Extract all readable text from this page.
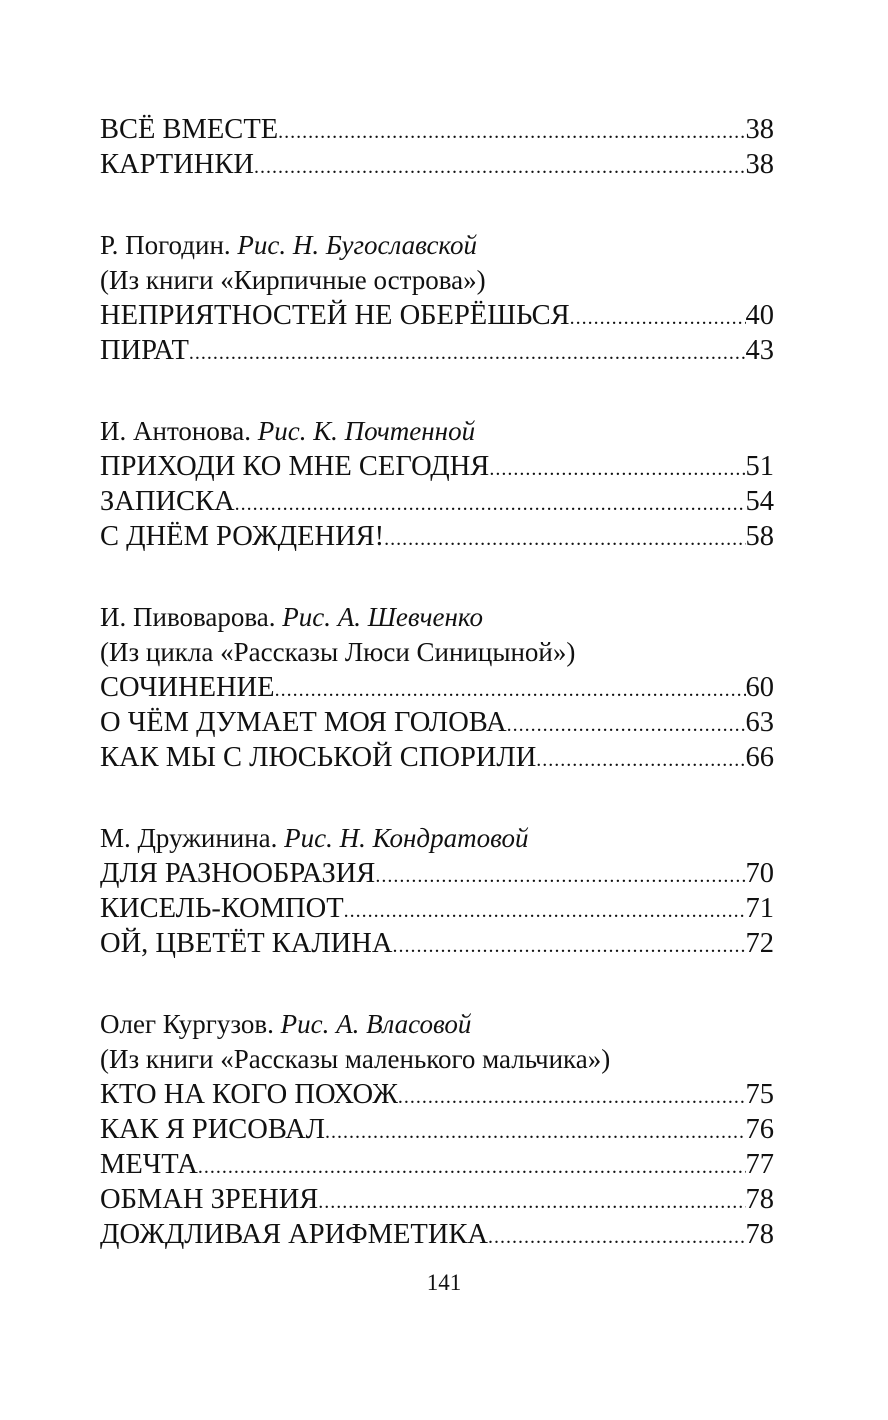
ВСЁ ВМЕСТЕ .....	38
КАРТИНКИ .....	38
Р. Погодин. Рис. Н. Бугославской
(Из книги «Кирпичные острова»)
НЕПРИЯТНОСТЕЙ НЕ ОБЕРЁШЬСЯ .....	40
ПИРАТ .....	43
И. Антонова. Рис. К. Почтенной
ПРИХОДИ КО МНЕ СЕГОДНЯ .....	51
ЗАПИСКА .....	54
С ДНЁМ РОЖДЕНИЯ! .....	58
И. Пивоварова. Рис. А. Шевченко
(Из цикла «Рассказы Люси Синицыной»)
СОЧИНЕНИЕ .....	60
О ЧЁМ ДУМАЕТ МОЯ ГОЛОВА .....	63
КАК МЫ С ЛЮСЬКОЙ СПОРИЛИ .....	66
М. Дружинина. Рис. Н. Кондратовой
ДЛЯ РАЗНООБРАЗИЯ .....	70
КИСЕЛЬ-КОМПОТ .....	71
ОЙ, ЦВЕТЁТ КАЛИНА .....	72
Олег Кургузов. Рис. А. Власовой
(Из книги «Рассказы маленького мальчика»)
КТО НА КОГО ПОХОЖ .....	75
КАК Я РИСОВАЛ .....	76
МЕЧТА .....	77
ОБМАН ЗРЕНИЯ .....	78
ДОЖДЛИВАЯ АРИФМЕТИКА .....	78
141
